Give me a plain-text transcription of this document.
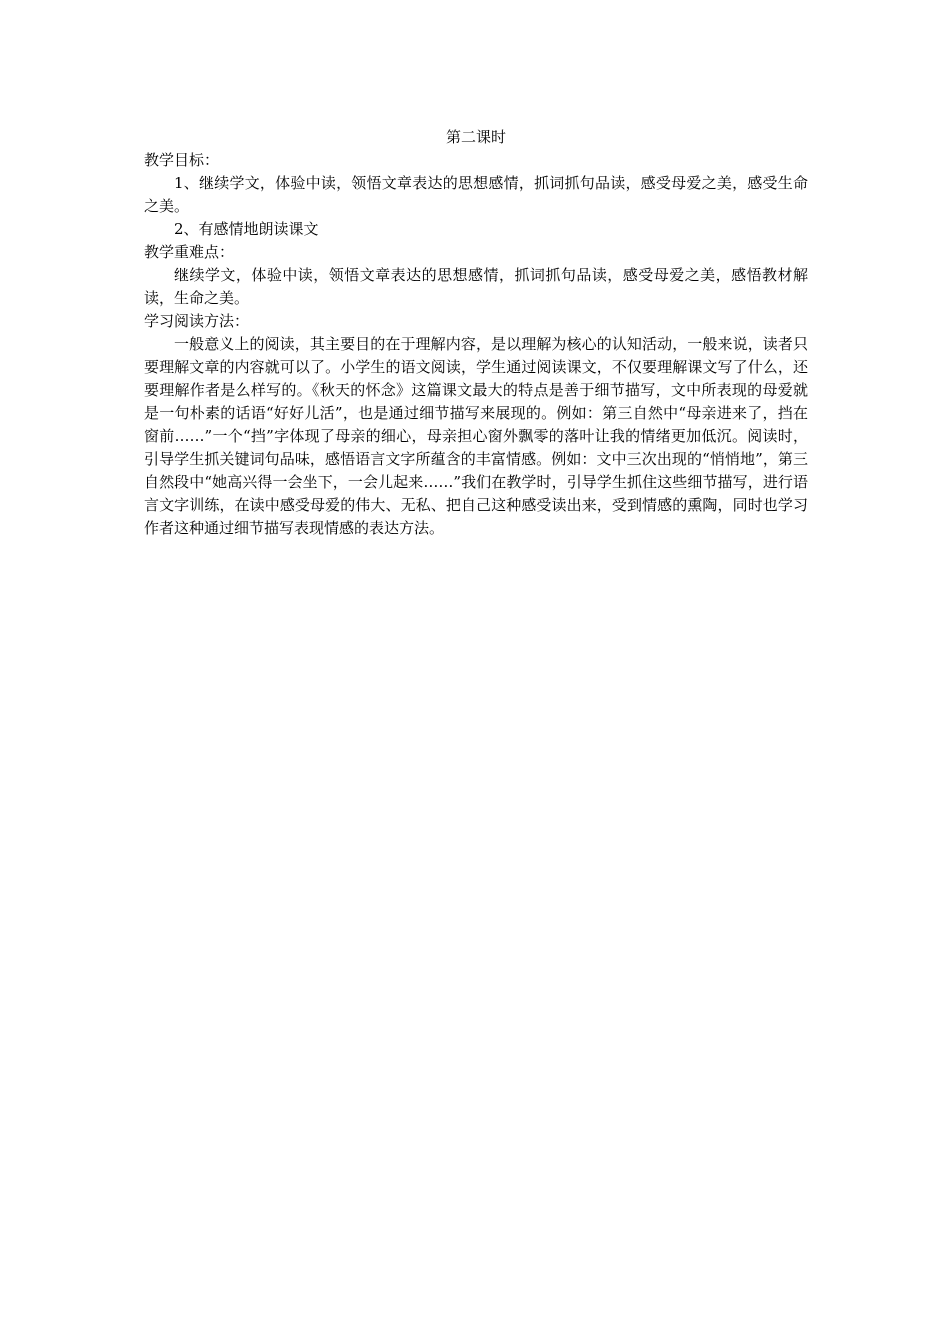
第二课时

教学目标：

1、继续学文，体验中读，领悟文章表达的思想感情，抓词抓句品读，感受母爱之美，感受生命之美。

2、有感情地朗读课文

教学重难点：

继续学文，体验中读，领悟文章表达的思想感情，抓词抓句品读，感受母爱之美，感悟教材解读，生命之美。

学习阅读方法：

一般意义上的阅读，其主要目的在于理解内容，是以理解为核心的认知活动，一般来说，读者只要理解文章的内容就可以了。小学生的语文阅读，学生通过阅读课文，不仅要理解课文写了什么，还要理解作者是么样写的。《秋天的怀念》这篇课文最大的特点是善于细节描写，文中所表现的母爱就是一句朴素的话语“好好儿活”，也是通过细节描写来展现的。例如：第三自然中“母亲进来了，挡在窗前……”一个“挡”字体现了母亲的细心，母亲担心窗外飘零的落叶让我的情绪更加低沉。阅读时，引导学生抓关键词句品味，感悟语言文字所蕴含的丰富情感。例如：文中三次出现的“悄悄地”，第三自然段中“她高兴得一会坐下，一会儿起来……”我们在教学时，引导学生抓住这些细节描写，进行语言文字训练，在读中感受母爱的伟大、无私、把自己这种感受读出来，受到情感的熏陶，同时也学习作者这种通过细节描写表现情感的表达方法。
